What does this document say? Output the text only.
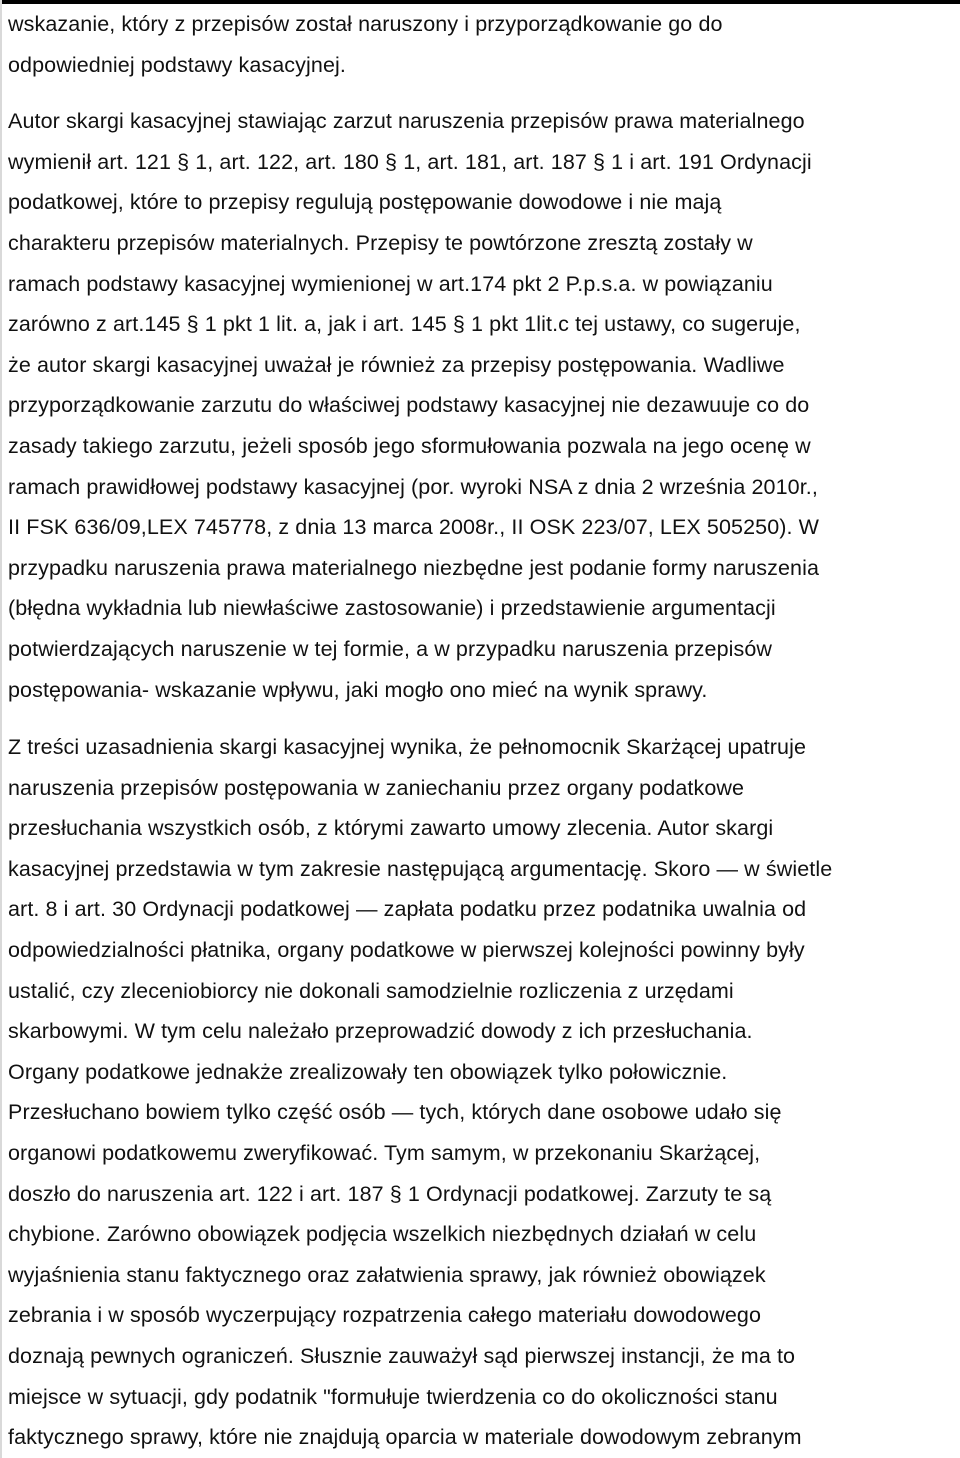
wskazanie, który z przepisów został naruszony i przyporządkowanie go do
odpowiedniej podstawy kasacyjnej.
Autor skargi kasacyjnej stawiając zarzut naruszenia przepisów prawa materialnego
wymienił art. 121 § 1, art. 122, art. 180 § 1, art. 181, art. 187 § 1 i art. 191 Ordynacji
podatkowej, które to przepisy regulują postępowanie dowodowe i nie mają
charakteru przepisów materialnych. Przepisy te powtórzone zresztą zostały w
ramach podstawy kasacyjnej wymienionej w art.174 pkt 2 P.p.s.a. w powiązaniu
zarówno z art.145 § 1 pkt 1 lit. a, jak i art. 145 § 1 pkt 1lit.c tej ustawy, co sugeruje,
że autor skargi kasacyjnej uważał je również za przepisy postępowania. Wadliwe
przyporządkowanie zarzutu do właściwej podstawy kasacyjnej nie dezawuuje co do
zasady takiego zarzutu, jeżeli sposób jego sformułowania pozwala na jego ocenę w
ramach prawidłowej podstawy kasacyjnej (por. wyroki NSA z dnia 2 września 2010r.,
II FSK 636/09,LEX 745778, z dnia 13 marca 2008r., II OSK 223/07, LEX 505250). W
przypadku naruszenia prawa materialnego niezbędne jest podanie formy naruszenia
(błędna wykładnia lub niewłaściwe zastosowanie) i przedstawienie argumentacji
potwierdzających naruszenie w tej formie, a w przypadku naruszenia przepisów
postępowania- wskazanie wpływu, jaki mogło ono mieć na wynik sprawy.
Z treści uzasadnienia skargi kasacyjnej wynika, że pełnomocnik Skarżącej upatruje
naruszenia przepisów postępowania w zaniechaniu przez organy podatkowe
przesłuchania wszystkich osób, z którymi zawarto umowy zlecenia. Autor skargi
kasacyjnej przedstawia w tym zakresie następującą argumentację. Skoro — w świetle
art. 8 i art. 30 Ordynacji podatkowej — zapłata podatku przez podatnika uwalnia od
odpowiedzialności płatnika, organy podatkowe w pierwszej kolejności powinny były
ustalić, czy zleceniobiorcy nie dokonali samodzielnie rozliczenia z urzędami
skarbowymi. W tym celu należało przeprowadzić dowody z ich przesłuchania.
Organy podatkowe jednakże zrealizowały ten obowiązek tylko połowicznie.
Przesłuchano bowiem tylko część osób — tych, których dane osobowe udało się
organowi podatkowemu zweryfikować. Tym samym, w przekonaniu Skarżącej,
doszło do naruszenia art. 122 i art. 187 § 1 Ordynacji podatkowej. Zarzuty te są
chybione. Zarówno obowiązek podjęcia wszelkich niezbędnych działań w celu
wyjaśnienia stanu faktycznego oraz załatwienia sprawy, jak również obowiązek
zebrania i w sposób wyczerpujący rozpatrzenia całego materiału dowodowego
doznają pewnych ograniczeń. Słusznie zauważył sąd pierwszej instancji, że ma to
miejsce w sytuacji, gdy podatnik "formułuje twierdzenia co do okoliczności stanu
faktycznego sprawy, które nie znajdują oparcia w materiale dowodowym zebranym
